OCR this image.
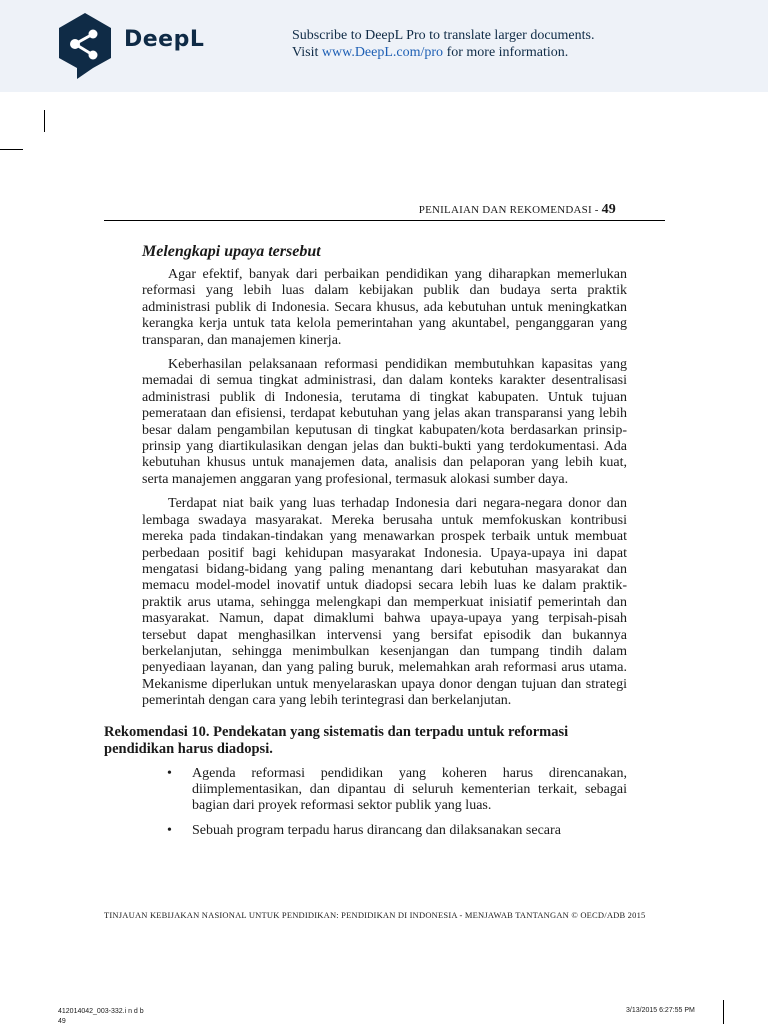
DeepL	Subscribe to DeepL Pro to translate larger documents.
Visit www.DeepL.com/pro for more information.
PENILAIAN DAN REKOMENDASI - 49

Melengkapi upaya tersebut

Agar efektif, banyak dari perbaikan pendidikan yang diharapkan memerlukan reformasi yang lebih luas dalam kebijakan publik dan budaya serta praktik administrasi publik di Indonesia. Secara khusus, ada kebutuhan untuk meningkatkan kerangka kerja untuk tata kelola pemerintahan yang akuntabel, penganggaran yang transparan, dan manajemen kinerja.

Keberhasilan pelaksanaan reformasi pendidikan membutuhkan kapasitas yang memadai di semua tingkat administrasi, dan dalam konteks karakter desentralisasi administrasi publik di Indonesia, terutama di tingkat kabupaten. Untuk tujuan pemerataan dan efisiensi, terdapat kebutuhan yang jelas akan transparansi yang lebih besar dalam pengambilan keputusan di tingkat kabupaten/kota berdasarkan prinsip-prinsip yang diartikulasikan dengan jelas dan bukti-bukti yang terdokumentasi. Ada kebutuhan khusus untuk manajemen data, analisis dan pelaporan yang lebih kuat, serta manajemen anggaran yang profesional, termasuk alokasi sumber daya.

Terdapat niat baik yang luas terhadap Indonesia dari negara-negara donor dan lembaga swadaya masyarakat. Mereka berusaha untuk memfokuskan kontribusi mereka pada tindakan-tindakan yang menawarkan prospek terbaik untuk membuat perbedaan positif bagi kehidupan masyarakat Indonesia. Upaya-upaya ini dapat mengatasi bidang-bidang yang paling menantang dari kebutuhan masyarakat dan memacu model-model inovatif untuk diadopsi secara lebih luas ke dalam praktik-praktik arus utama, sehingga melengkapi dan memperkuat inisiatif pemerintah dan masyarakat. Namun, dapat dimaklumi bahwa upaya-upaya yang terpisah-pisah tersebut dapat menghasilkan intervensi yang bersifat episodik dan bukannya berkelanjutan, sehingga menimbulkan kesenjangan dan tumpang tindih dalam penyediaan layanan, dan yang paling buruk, melemahkan arah reformasi arus utama. Mekanisme diperlukan untuk menyelaraskan upaya donor dengan tujuan dan strategi pemerintah dengan cara yang lebih terintegrasi dan berkelanjutan.

Rekomendasi 10. Pendekatan yang sistematis dan terpadu untuk reformasi pendidikan harus diadopsi.
• Agenda reformasi pendidikan yang koheren harus direncanakan, diimplementasikan, dan dipantau di seluruh kementerian terkait, sebagai bagian dari proyek reformasi sektor publik yang luas.
• Sebuah program terpadu harus dirancang dan dilaksanakan secara
TINJAUAN KEBIJAKAN NASIONAL UNTUK PENDIDIKAN: PENDIDIKAN DI INDONESIA - MENJAWAB TANTANGAN © OECD/ADB 2015
412014042_003-332.i n d b
49
3/13/2015 6:27:55 PM
